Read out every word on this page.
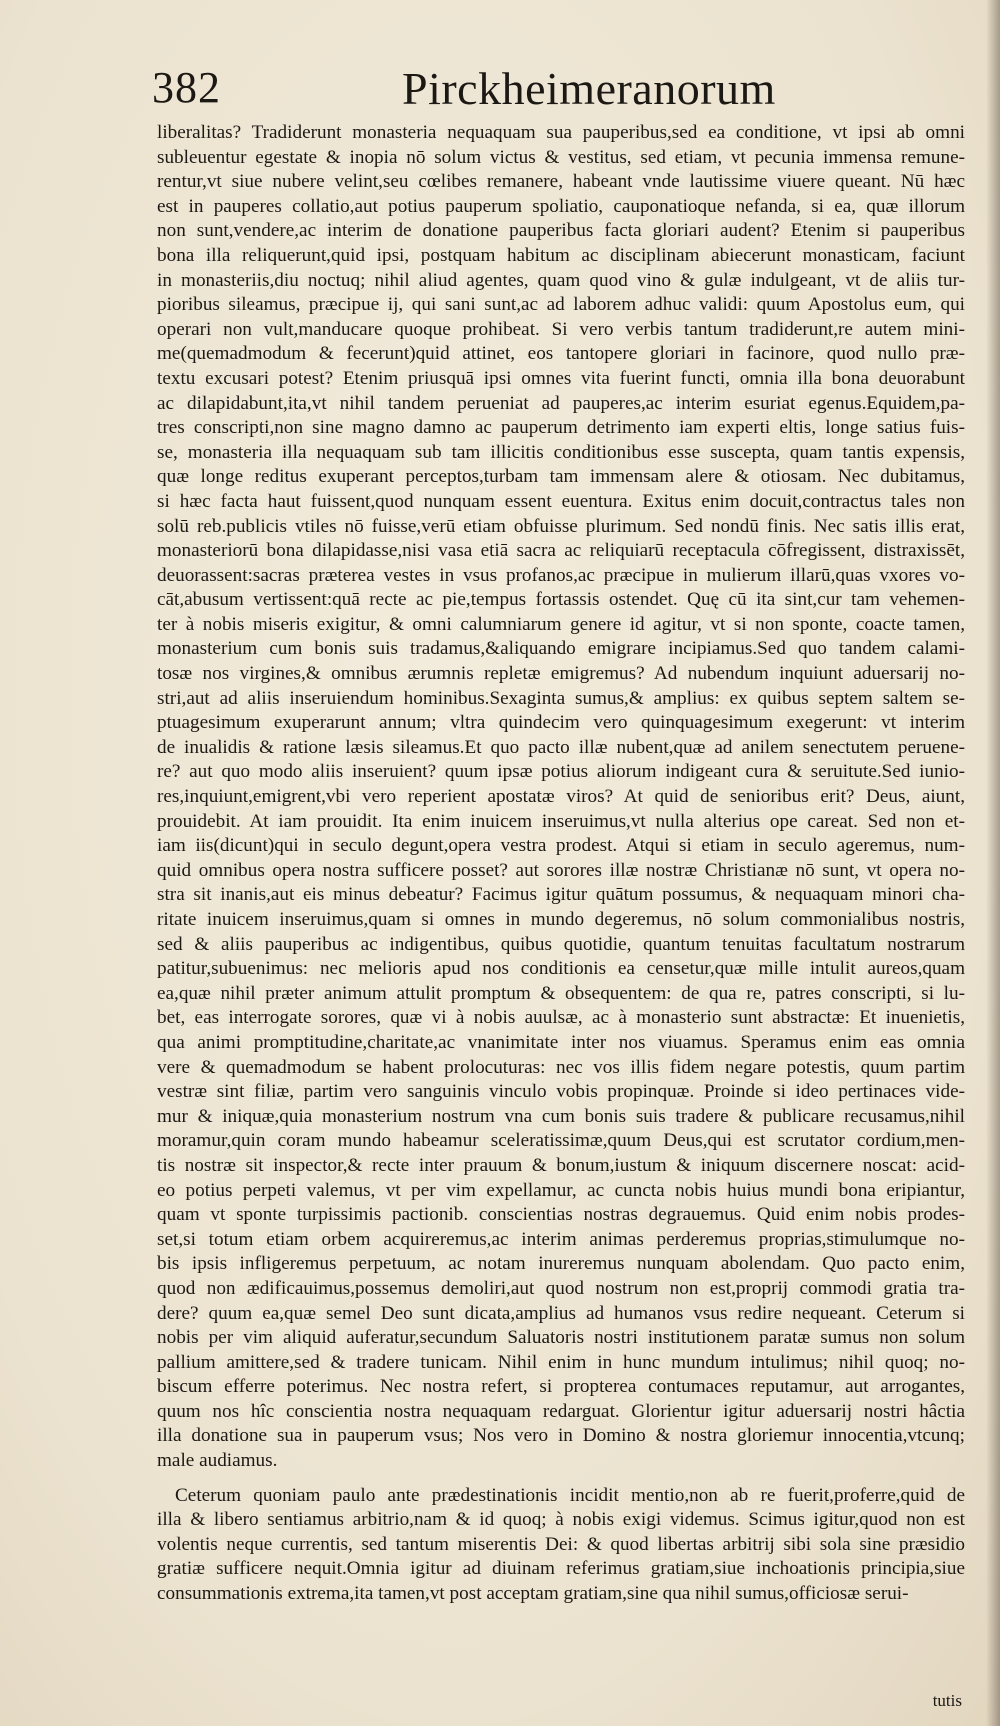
382	Pirckheimeranorum
liberalitas? Tradiderunt monasteria nequaquam sua pauperibus,sed ea conditione, vt ipsi ab omni
subleuentur egestate & inopia nō solum victus & vestitus, sed etiam, vt pecunia immensa remune-
rentur,vt siue nubere velint,seu cœlibes remanere, habeant vnde lautissime viuere queant. Nū hæc
est in pauperes collatio,aut potius pauperum spoliatio, cauponatioque nefanda, si ea, quæ illorum
non sunt,vendere,ac interim de donatione pauperibus facta gloriari audent? Etenim si pauperibus
bona illa reliquerunt,quid ipsi, postquam habitum ac disciplinam abiecerunt monasticam, faciunt
in monasteriis,diu noctuq; nihil aliud agentes, quam quod vino & gulæ indulgeant, vt de aliis tur-
pioribus sileamus, præcipue ij, qui sani sunt,ac ad laborem adhuc validi: quum Apostolus eum, qui
operari non vult,manducare quoque prohibeat. Si vero verbis tantum tradiderunt,re autem mini-
me(quemadmodum & fecerunt)quid attinet, eos tantopere gloriari in facinore, quod nullo præ-
textu excusari potest? Etenim priusquā ipsi omnes vita fuerint functi, omnia illa bona deuorabunt
ac dilapidabunt,ita,vt nihil tandem perueniat ad pauperes,ac interim esuriat egenus.Equidem,pa-
tres conscripti,non sine magno damno ac pauperum detrimento iam experti eltis, longe satius fuis-
se, monasteria illa nequaquam sub tam illicitis conditionibus esse suscepta, quam tantis expensis,
quæ longe reditus exuperant perceptos,turbam tam immensam alere & otiosam. Nec dubitamus,
si hæc facta haut fuissent,quod nunquam essent euentura. Exitus enim docuit,contractus tales non
solū reb.publicis vtiles nō fuisse,verū etiam obfuisse plurimum. Sed nondū finis. Nec satis illis erat,
monasteriorū bona dilapidasse,nisi vasa etiā sacra ac reliquiarū receptacula cōfregissent, distraxissēt,
deuorassent:sacras præterea vestes in vsus profanos,ac præcipue in mulierum illarū,quas vxores vo-
cāt,abusum vertissent:quā recte ac pie,tempus fortassis ostendet. Quę cū ita sint,cur tam vehemen-
ter à nobis miseris exigitur, & omni calumniarum genere id agitur, vt si non sponte, coacte tamen,
monasterium cum bonis suis tradamus,&aliquando emigrare incipiamus.Sed quo tandem calami-
tosæ nos virgines,& omnibus ærumnis repletæ emigremus? Ad nubendum inquiunt aduersarij no-
stri,aut ad aliis inseruiendum hominibus.Sexaginta sumus,& amplius: ex quibus septem saltem se-
ptuagesimum exuperarunt annum; vltra quindecim vero quinquagesimum exegerunt: vt interim
de inualidis & ratione læsis sileamus.Et quo pacto illæ nubent,quæ ad anilem senectutem peruene-
re? aut quo modo aliis inseruient? quum ipsæ potius aliorum indigeant cura & seruitute.Sed iunio-
res,inquiunt,emigrent,vbi vero reperient apostatæ viros? At quid de senioribus erit? Deus, aiunt,
prouidebit. At iam prouidit. Ita enim inuicem inseruimus,vt nulla alterius ope careat. Sed non et-
iam iis(dicunt)qui in seculo degunt,opera vestra prodest. Atqui si etiam in seculo ageremus, num-
quid omnibus opera nostra sufficere posset? aut sorores illæ nostræ Christianæ nō sunt, vt opera no-
stra sit inanis,aut eis minus debeatur? Facimus igitur quātum possumus, & nequaquam minori cha-
ritate inuicem inseruimus,quam si omnes in mundo degeremus, nō solum commonialibus nostris,
sed & aliis pauperibus ac indigentibus, quibus quotidie, quantum tenuitas facultatum nostrarum
patitur,subuenimus: nec melioris apud nos conditionis ea censetur,quæ mille intulit aureos,quam
ea,quæ nihil præter animum attulit promptum & obsequentem: de qua re, patres conscripti, si lu-
bet, eas interrogate sorores, quæ vi à nobis auulsæ, ac à monasterio sunt abstractæ: Et inuenietis,
qua animi promptitudine,charitate,ac vnanimitate inter nos viuamus. Speramus enim eas omnia
vere & quemadmodum se habent prolocuturas: nec vos illis fidem negare potestis, quum partim
vestræ sint filiæ, partim vero sanguinis vinculo vobis propinquæ. Proinde si ideo pertinaces vide-
mur & iniquæ,quia monasterium nostrum vna cum bonis suis tradere & publicare recusamus,nihil
moramur,quin coram mundo habeamur sceleratissimæ,quum Deus,qui est scrutator cordium,men-
tis nostræ sit inspector,& recte inter prauum & bonum,iustum & iniquum discernere noscat: acid-
eo potius perpeti valemus, vt per vim expellamur, ac cuncta nobis huius mundi bona eripiantur,
quam vt sponte turpissimis pactionib. conscientias nostras degrauemus. Quid enim nobis prodes-
set,si totum etiam orbem acquireremus,ac interim animas perderemus proprias,stimulumque no-
bis ipsis infligeremus perpetuum, ac notam inureremus nunquam abolendam. Quo pacto enim,
quod non ædificauimus,possemus demoliri,aut quod nostrum non est,proprij commodi gratia tra-
dere? quum ea,quæ semel Deo sunt dicata,amplius ad humanos vsus redire nequeant. Ceterum si
nobis per vim aliquid auferatur,secundum Saluatoris nostri institutionem paratæ sumus non solum
pallium amittere,sed & tradere tunicam. Nihil enim in hunc mundum intulimus; nihil quoq; no-
biscum efferre poterimus. Nec nostra refert, si propterea contumaces reputamur, aut arrogantes,
quum nos hîc conscientia nostra nequaquam redarguat. Glorientur igitur aduersarij nostri hâctia
illa donatione sua in pauperum vsus; Nos vero in Domino & nostra gloriemur innocentia,vtcunq;
male audiamus.
Ceterum quoniam paulo ante prædestinationis incidit mentio,non ab re fuerit,proferre,quid de
illa & libero sentiamus arbitrio,nam & id quoq; à nobis exigi videmus. Scimus igitur,quod non est
volentis neque currentis, sed tantum miserentis Dei: & quod libertas arbitrij sibi sola sine præsidio
gratiæ sufficere nequit.Omnia igitur ad diuinam referimus gratiam,siue inchoationis principia,siue
consummationis extrema,ita tamen,vt post acceptam gratiam,sine qua nihil sumus,officiosæ serui-
tutis
